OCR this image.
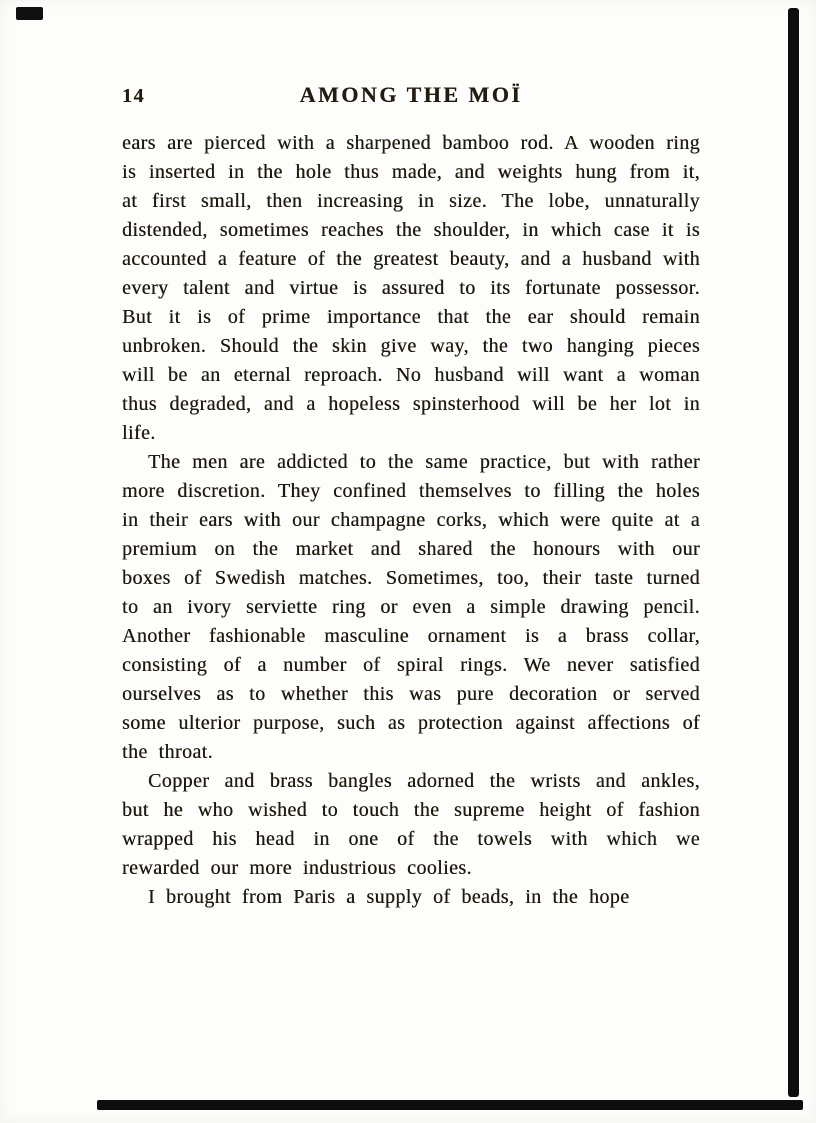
14	AMONG THE MOÏ

ears are pierced with a sharpened bamboo rod. A wooden ring is inserted in the hole thus made, and weights hung from it, at first small, then increasing in size. The lobe, unnaturally distended, sometimes reaches the shoulder, in which case it is accounted a feature of the greatest beauty, and a husband with every talent and virtue is assured to its fortunate possessor. But it is of prime importance that the ear should remain unbroken. Should the skin give way, the two hanging pieces will be an eternal reproach. No husband will want a woman thus degraded, and a hopeless spinsterhood will be her lot in life.

The men are addicted to the same practice, but with rather more discretion. They confined themselves to filling the holes in their ears with our champagne corks, which were quite at a premium on the market and shared the honours with our boxes of Swedish matches. Sometimes, too, their taste turned to an ivory serviette ring or even a simple drawing pencil. Another fashionable masculine ornament is a brass collar, consisting of a number of spiral rings. We never satisfied ourselves as to whether this was pure decoration or served some ulterior purpose, such as protection against affections of the throat.

Copper and brass bangles adorned the wrists and ankles, but he who wished to touch the supreme height of fashion wrapped his head in one of the towels with which we rewarded our more industrious coolies.

I brought from Paris a supply of beads, in the hope
